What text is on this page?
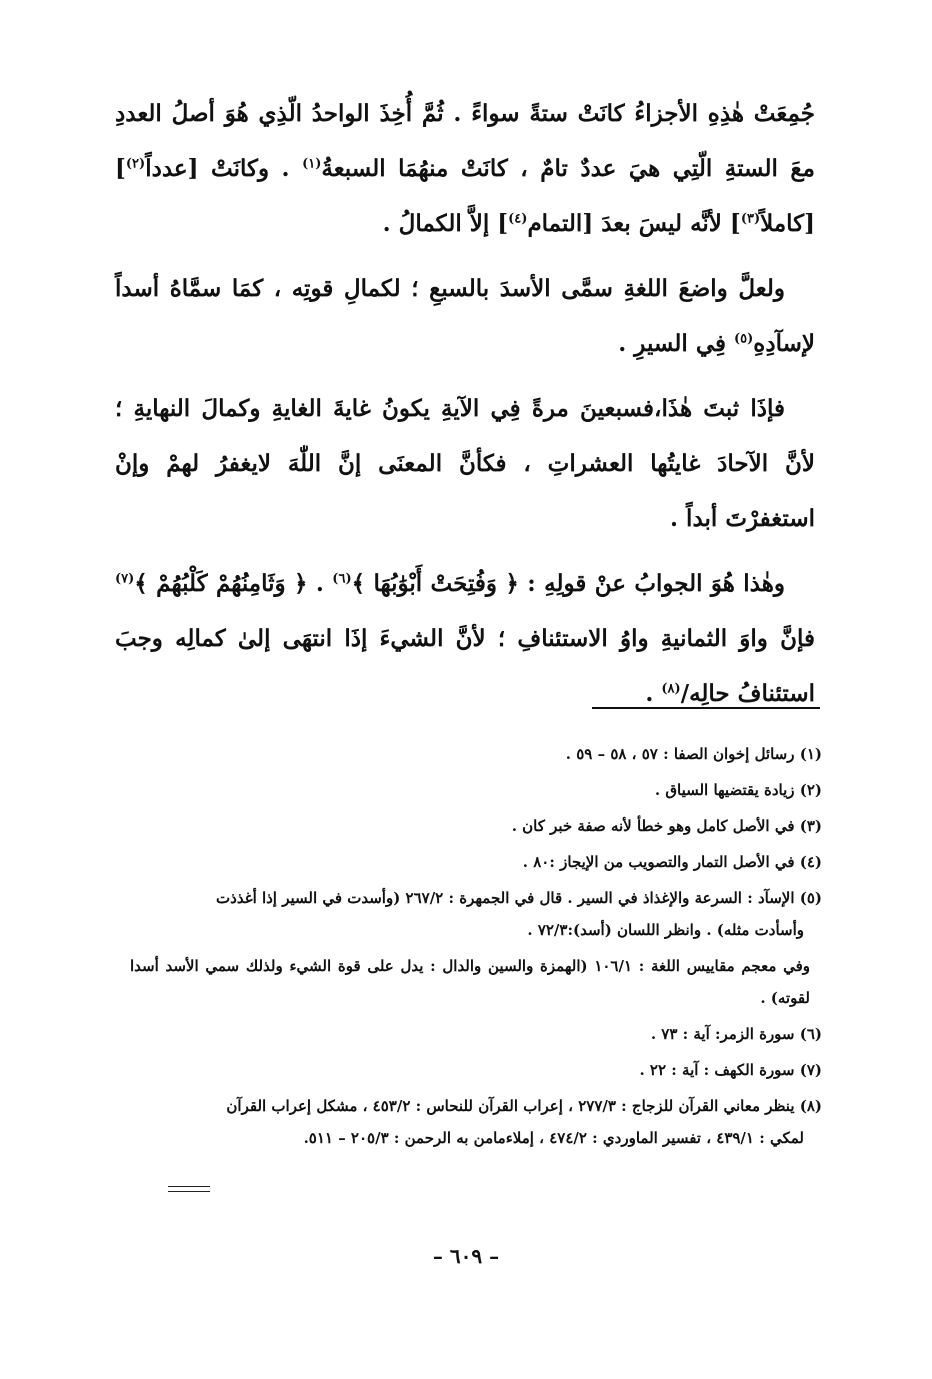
جُمِعَتْ هٰذِهِ الأجزاءُ كانَتْ ستةً سواءً . ثُمَّ أُخِذَ الواحدُ الّذِي هُوَ أصلُ العددِ معَ الستةِ الّتِي هيَ عددٌ تامٌ ، كانَتْ منهُمَا السبعةُ$^{(١)}$ . وكانَتْ [عدداً$^{(٢)}$] [كاملاً$^{(٣)}$] لأنَّه ليسَ بعدَ [التمام$^{(٤)}$] إلاَّ الكمالُ .

ولعلَّ واضعَ اللغةِ سمَّى الأسدَ بالسبعِ ؛ لكمالِ قوتِه ، كمَا سمَّاهُ أسداً لإسآدِهِ$^{(٥)}$ فِي السيرِ .

فإذَا ثبتَ هٰذَا،فسبعينَ مرةً فِي الآيةِ يكونُ غايةَ الغايةِ وكمالَ النهايةِ ؛ لأنَّ الآحادَ غايتُها العشراتِ ، فكأنَّ المعنَى إنَّ اللّٰهَ لايغفرُ لهمْ وإنْ استغفرْتَ أبداً .

وهٰذا هُوَ الجوابُ عنْ قولِهِ : ﴿ وَفُتِحَتْ أَبْوَٰبُهَا ﴾$^{(٦)}$ . ﴿ وَثَامِنُهُمْ كَلْبُهُمْ ﴾$^{(٧)}$ فإنَّ واوَ الثمانيةِ واوُ الاستئنافِ ؛ لأنَّ الشيءَ إذَا انتهَى إلىٰ كمالِه وجبَ استئنافُ حالِه/$^{(٨)}$ .

(١) رسائل إخوان الصفا : ٥٧ ، ٥٨ – ٥٩ .

(٢) زيادة يقتضيها السياق .

(٣) في الأصل كامل وهو خطأ لأنه صفة خبر كان .

(٤) في الأصل التمار والتصويب من الإيجاز :٨٠ .

(٥) الإسآد : السرعة والإغذاذ في السير . قال في الجمهرة : ٢٦٧/٢ (وأسدت في السير إذا أغذذت
وأسأدت مثله) . وانظر اللسان (أسد):٧٢/٣ .

وفي معجم مقاييس اللغة : ١٠٦/١ (الهمزة والسين والدال : يدل على قوة الشيء ولذلك سمي الأسد أسدا لقوته) .

(٦) سورة الزمر: آية : ٧٣ .

(٧) سورة الكهف : آية : ٢٢ .

(٨) ينظر معاني القرآن للزجاج : ٢٧٧/٣ ، إعراب القرآن للنحاس : ٤٥٣/٢ ، مشكل إعراب القرآن
لمكي : ٤٣٩/١ ، تفسير الماوردي : ٤٧٤/٢ ، إملاءمامن به الرحمن : ٢٠٥/٣ – ٥١١.

– ٦٠٩ –
